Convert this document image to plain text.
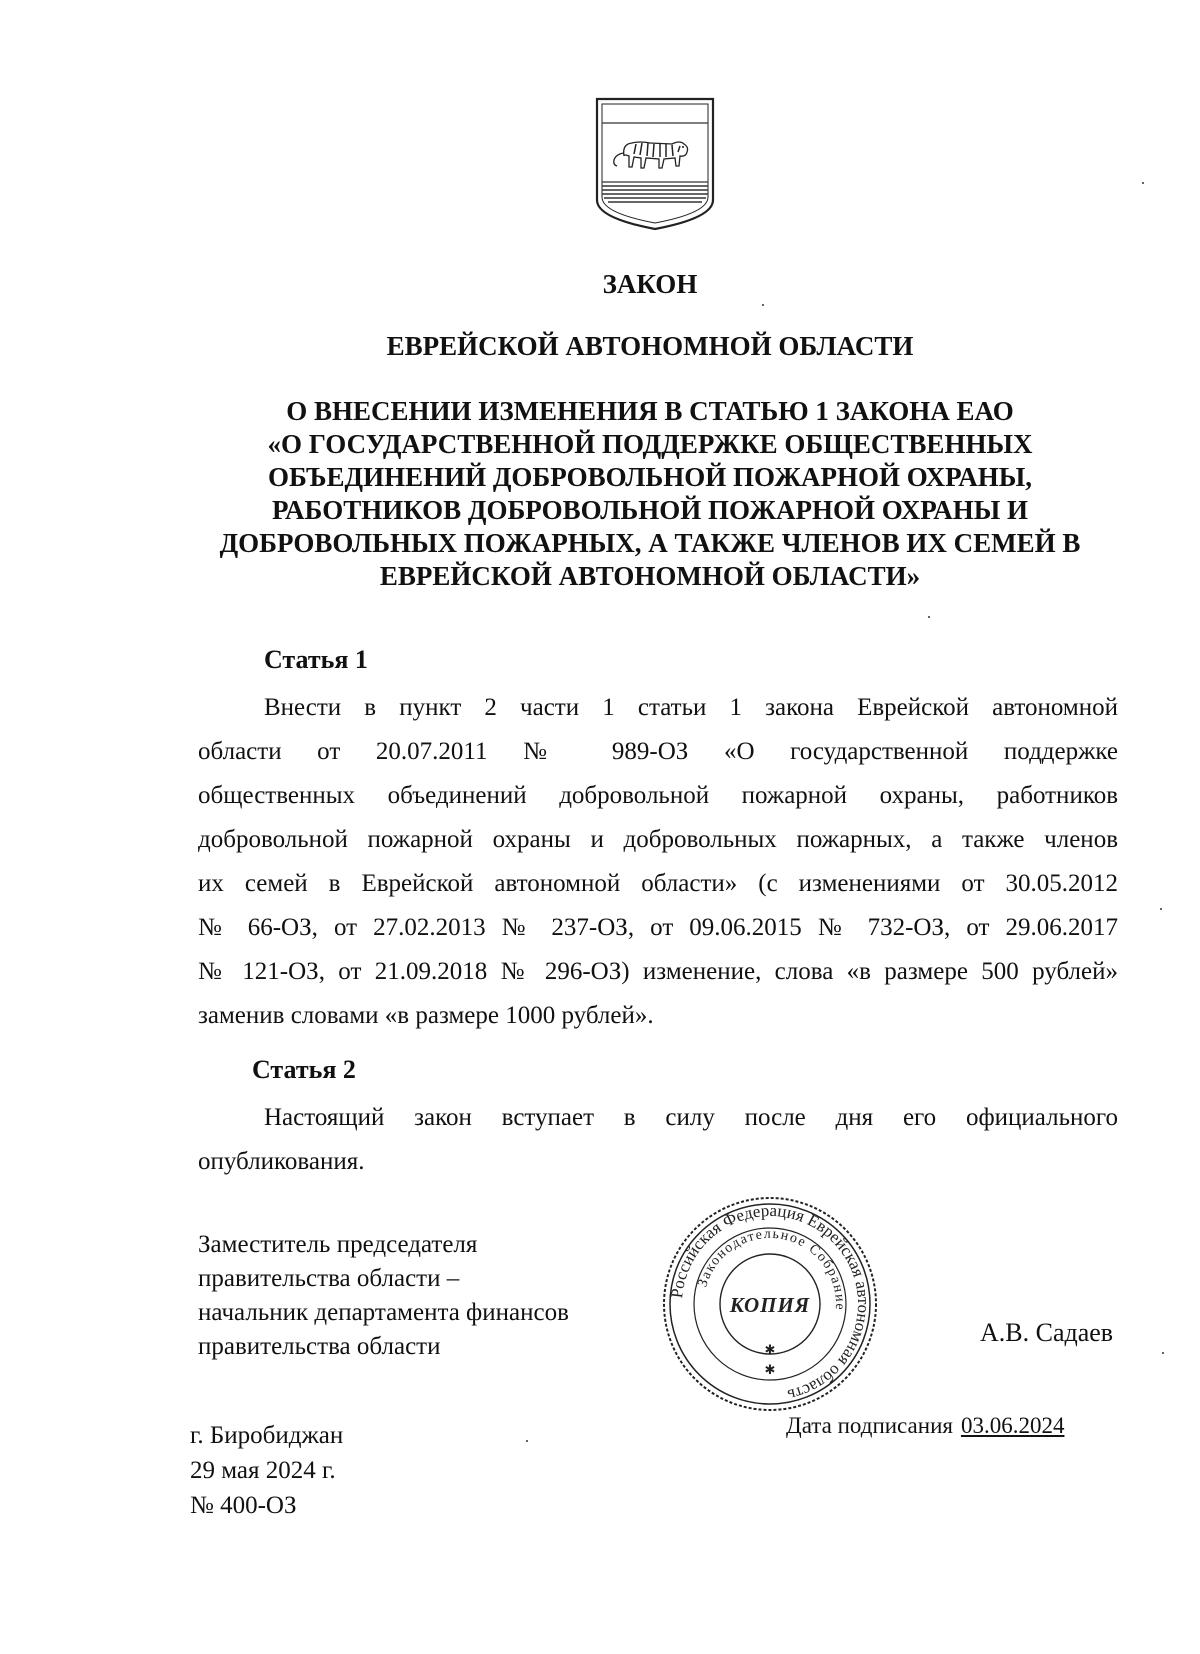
ЗАКОН
ЕВРЕЙСКОЙ АВТОНОМНОЙ ОБЛАСТИ
О ВНЕСЕНИИ ИЗМЕНЕНИЯ В СТАТЬЮ 1 ЗАКОНА ЕАО
«О ГОСУДАРСТВЕННОЙ ПОДДЕРЖКЕ ОБЩЕСТВЕННЫХ
ОБЪЕДИНЕНИЙ ДОБРОВОЛЬНОЙ ПОЖАРНОЙ ОХРАНЫ,
РАБОТНИКОВ ДОБРОВОЛЬНОЙ ПОЖАРНОЙ ОХРАНЫ И
ДОБРОВОЛЬНЫХ ПОЖАРНЫХ, А ТАКЖЕ ЧЛЕНОВ ИХ СЕМЕЙ В
ЕВРЕЙСКОЙ АВТОНОМНОЙ ОБЛАСТИ»
Статья 1

Внести в пункт 2 части 1 статьи 1 закона Еврейской автономной
области от 20.07.2011 № 989-ОЗ «О государственной поддержке
общественных объединений добровольной пожарной охраны, работников
добровольной пожарной охраны и добровольных пожарных, а также членов
их семей в Еврейской автономной области» (с изменениями от 30.05.2012
№ 66-ОЗ, от 27.02.2013 № 237-ОЗ, от 09.06.2015 № 732-ОЗ, от 29.06.2017
№ 121-ОЗ, от 21.09.2018 № 296-ОЗ) изменение, слова «в размере 500 рублей»
заменив словами «в размере 1000 рублей».

Статья 2

Настоящий закон вступает в силу после дня его официального
опубликования.

Заместитель председателя
правительства области –
начальник департамента финансов
правительства области

Российская Федерация Еврейская автономная область
Законодательное Собрание
КОПИЯ
✱
✱

А.В. Садаев

г. Биробиджан
29 мая 2024 г.
№ 400-ОЗ

Дата подписания 03.06.2024
